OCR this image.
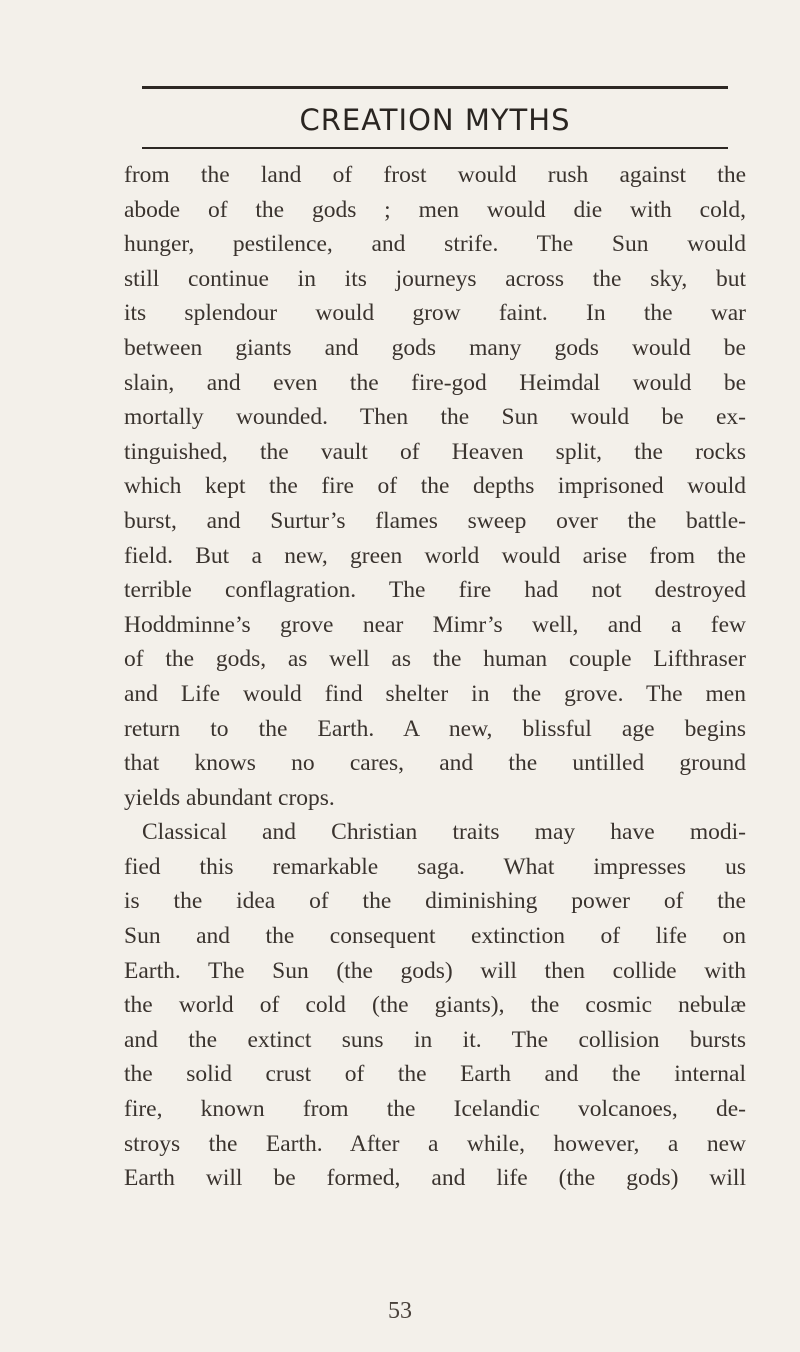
CREATION MYTHS
from the land of frost would rush against the
abode of the gods ; men would die with cold,
hunger, pestilence, and strife. The Sun would
still continue in its journeys across the sky, but
its splendour would grow faint. In the war
between giants and gods many gods would be
slain, and even the fire-god Heimdal would be
mortally wounded. Then the Sun would be ex-
tinguished, the vault of Heaven split, the rocks
which kept the fire of the depths imprisoned would
burst, and Surtur’s flames sweep over the battle-
field. But a new, green world would arise from the
terrible conflagration. The fire had not destroyed
Hoddminne’s grove near Mimr’s well, and a few
of the gods, as well as the human couple Lifthraser
and Life would find shelter in the grove. The men
return to the Earth. A new, blissful age begins
that knows no cares, and the untilled ground
yields abundant crops.
Classical and Christian traits may have modi-
fied this remarkable saga. What impresses us
is the idea of the diminishing power of the
Sun and the consequent extinction of life on
Earth. The Sun (the gods) will then collide with
the world of cold (the giants), the cosmic nebulæ
and the extinct suns in it. The collision bursts
the solid crust of the Earth and the internal
fire, known from the Icelandic volcanoes, de-
stroys the Earth. After a while, however, a new
Earth will be formed, and life (the gods) will
53
